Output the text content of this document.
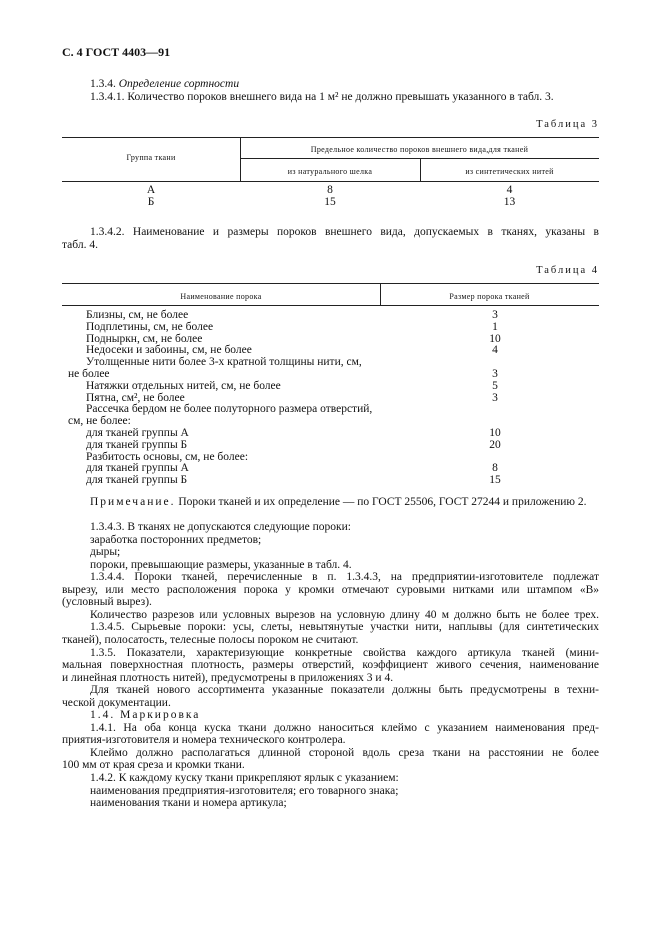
С. 4 ГОСТ 4403—91
1.3.4. Определение сортности
1.3.4.1. Количество пороков внешнего вида на 1 м² не должно превышать указанного в табл. 3.
Таблица 3
Группа ткани
Предельное количество пороков внешнего вида,для тканей
из натурального шелка	из синтетических нитей
А	8	4
Б	15	13
1.3.4.2. Наименование и размеры пороков внешнего вида, допускаемых в тканях, указаны в
табл. 4.
Таблица 4
Наименование порока	Размер порока тканей
Близны, см, не более	3
Подплетины, см, не более	1
Подныркн, см, не более	10
Недосеки и забоины, см, не более	4
Утолщенные нити более 3-х кратной толщины нити, см,
не более	3
Натяжки отдельных нитей, см, не более	5
Пятна, см², не более	3
Рассечка бердом не более полуторного размера отверстий,
см, не более:
для тканей группы А	10
для тканей группы Б	20
Разбитость основы, см, не более:
для тканей группы А	8
для тканей группы Б	15
Примечание. Пороки тканей и их определение — по ГОСТ 25506, ГОСТ 27244 и приложению 2.
1.3.4.3. В тканях не допускаются следующие пороки:
заработка посторонних предметов;
дыры;
пороки, превышающие размеры, указанные в табл. 4.
1.3.4.4. Пороки тканей, перечисленные в п. 1.3.4.3, на предприятии-изготовителе подлежат
вырезу, или место расположения порока у кромки отмечают суровыми нитками или штампом «В»
(условный вырез).
Количество разрезов или условных вырезов на условную длину 40 м должно быть не более трех.
1.3.4.5. Сырьевые пороки: усы, слеты, невытянутые участки нити, наплывы (для синтетических
тканей), полосатость, телесные полосы пороком не считают.
1.3.5. Показатели, характеризующие конкретные свойства каждого артикула тканей (мини-
мальная поверхностная плотность, размеры отверстий, коэффициент живого сечения, наименование
и линейная плотность нитей), предусмотрены в приложениях 3 и 4.
Для тканей нового ассортимента указанные показатели должны быть предусмотрены в техни-
ческой документации.
1.4. Маркировка
1.4.1. На оба конца куска ткани должно наноситься клеймо с указанием наименования пред-
приятия-изготовителя и номера технического контролера.
Клеймо должно располагаться длинной стороной вдоль среза ткани на расстоянии не более
100 мм от края среза и кромки ткани.
1.4.2. К каждому куску ткани прикрепляют ярлык с указанием:
наименования предприятия-изготовителя; его товарного знака;
наименования ткани и номера артикула;
